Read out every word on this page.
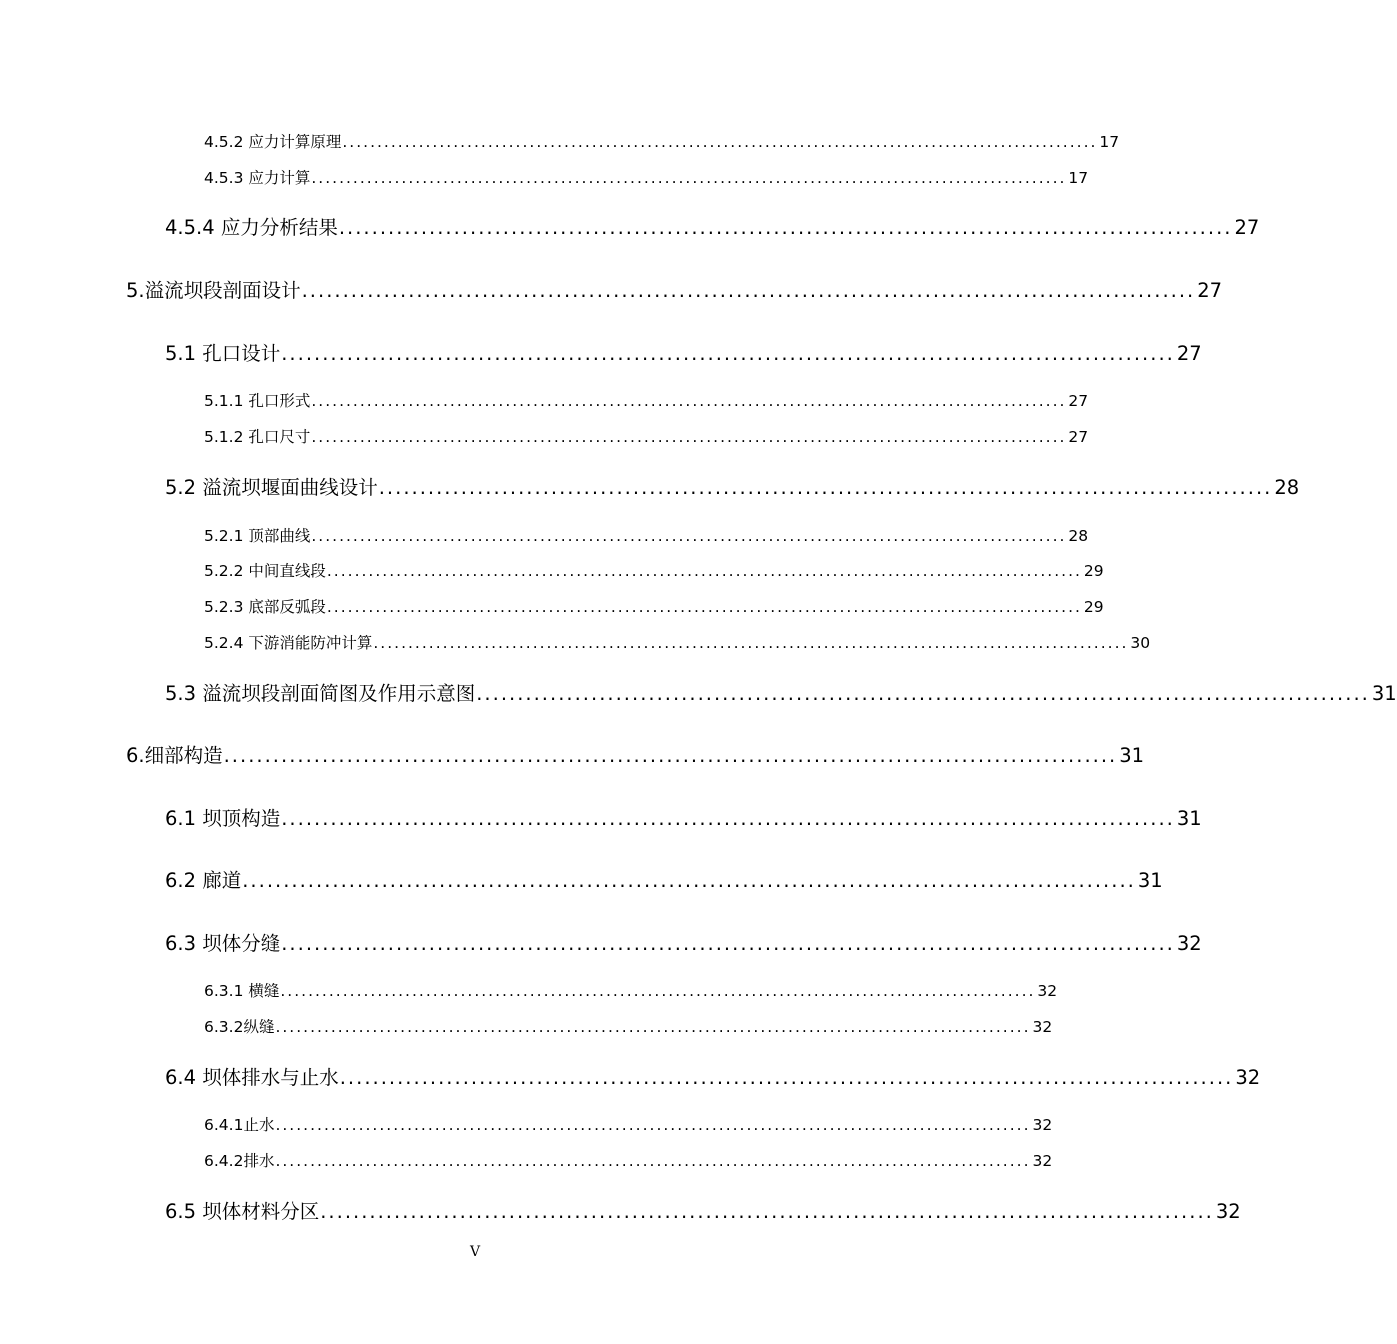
4.5.2 应力计算原理 ............................................................................................................. 17
4.5.3 应力计算 ............................................................................................................. 17
4.5.4 应力分析结果 ............................................................................................................. 27
5.溢流坝段剖面设计 ............................................................................................................. 27
5.1 孔口设计 ............................................................................................................. 27
5.1.1 孔口形式 ............................................................................................................. 27
5.1.2 孔口尺寸 ............................................................................................................. 27
5.2 溢流坝堰面曲线设计 ............................................................................................................. 28
5.2.1 顶部曲线 ............................................................................................................. 28
5.2.2 中间直线段 ............................................................................................................. 29
5.2.3 底部反弧段 ............................................................................................................. 29
5.2.4 下游消能防冲计算 ............................................................................................................. 30
5.3 溢流坝段剖面简图及作用示意图 ............................................................................................................. 31
6.细部构造 ............................................................................................................. 31
6.1 坝顶构造 ............................................................................................................. 31
6.2 廊道 ............................................................................................................. 31
6.3 坝体分缝 ............................................................................................................. 32
6.3.1 横缝 ............................................................................................................. 32
6.3.2纵缝 ............................................................................................................. 32
6.4 坝体排水与止水 ............................................................................................................. 32
6.4.1止水 ............................................................................................................. 32
6.4.2排水 ............................................................................................................. 32
6.5 坝体材料分区 ............................................................................................................. 32
V
